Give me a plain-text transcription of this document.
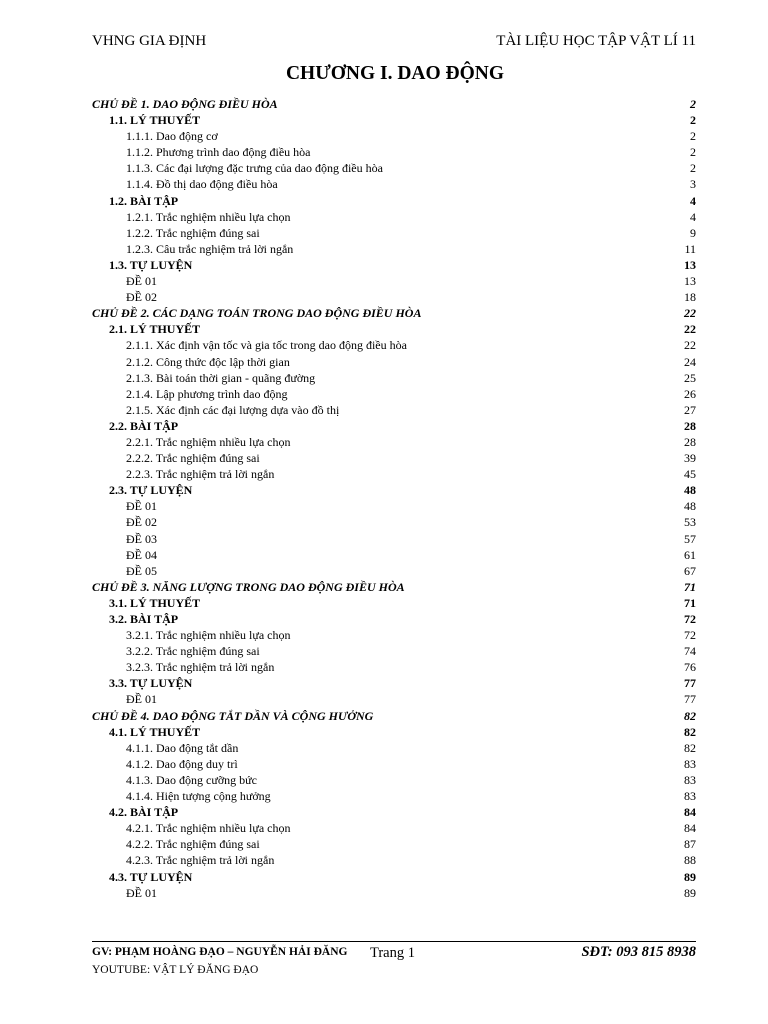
VHNG GIA ĐỊNH	TÀI LIỆU HỌC TẬP VẬT LÍ 11
CHƯƠNG I. DAO ĐỘNG
CHỦ ĐỀ 1. DAO ĐỘNG ĐIỀU HÒA	2
1.1. LÝ THUYẾT	2
1.1.1. Dao động cơ	2
1.1.2. Phương trình dao động điều hòa	2
1.1.3. Các đại lượng đặc trưng của dao động điều hòa	2
1.1.4. Đồ thị dao động điều hòa	3
1.2. BÀI TẬP	4
1.2.1. Trắc nghiệm nhiều lựa chọn	4
1.2.2. Trắc nghiệm đúng sai	9
1.2.3. Câu trắc nghiệm trả lời ngắn	11
1.3. TỰ LUYỆN	13
ĐỀ 01	13
ĐỀ 02	18
CHỦ ĐỀ 2. CÁC DẠNG TOÁN TRONG DAO ĐỘNG ĐIỀU HÒA	22
2.1. LÝ THUYẾT	22
2.1.1. Xác định vận tốc và gia tốc trong dao động điều hòa	22
2.1.2. Công thức độc lập thời gian	24
2.1.3. Bài toán thời gian - quãng đường	25
2.1.4. Lập phương trình dao động	26
2.1.5. Xác định các đại lượng dựa vào đồ thị	27
2.2. BÀI TẬP	28
2.2.1. Trắc nghiệm nhiều lựa chọn	28
2.2.2. Trắc nghiệm đúng sai	39
2.2.3. Trắc nghiệm trả lời ngắn	45
2.3. TỰ LUYỆN	48
ĐỀ 01	48
ĐỀ 02	53
ĐỀ 03	57
ĐỀ 04	61
ĐỀ 05	67
CHỦ ĐỀ 3. NĂNG LƯỢNG TRONG DAO ĐỘNG ĐIỀU HÒA	71
3.1. LÝ THUYẾT	71
3.2. BÀI TẬP	72
3.2.1. Trắc nghiệm nhiều lựa chọn	72
3.2.2. Trắc nghiệm đúng sai	74
3.2.3. Trắc nghiệm trả lời ngắn	76
3.3. TỰ LUYỆN	77
ĐỀ 01	77
CHỦ ĐỀ 4. DAO ĐỘNG TẮT DẦN VÀ CỘNG HƯỞNG	82
4.1. LÝ THUYẾT	82
4.1.1. Dao động tắt dần	82
4.1.2. Dao động duy trì	83
4.1.3. Dao động cưỡng bức	83
4.1.4. Hiện tượng cộng hưởng	83
4.2. BÀI TẬP	84
4.2.1. Trắc nghiệm nhiều lựa chọn	84
4.2.2. Trắc nghiệm đúng sai	87
4.2.3. Trắc nghiệm trả lời ngắn	88
4.3. TỰ LUYỆN	89
ĐỀ 01	89
GV: PHẠM HOÀNG ĐẠO – NGUYỄN HẢI ĐĂNG Trang 1	SĐT: 093 815 8938
YOUTUBE: VẬT LÝ ĐĂNG ĐẠO
